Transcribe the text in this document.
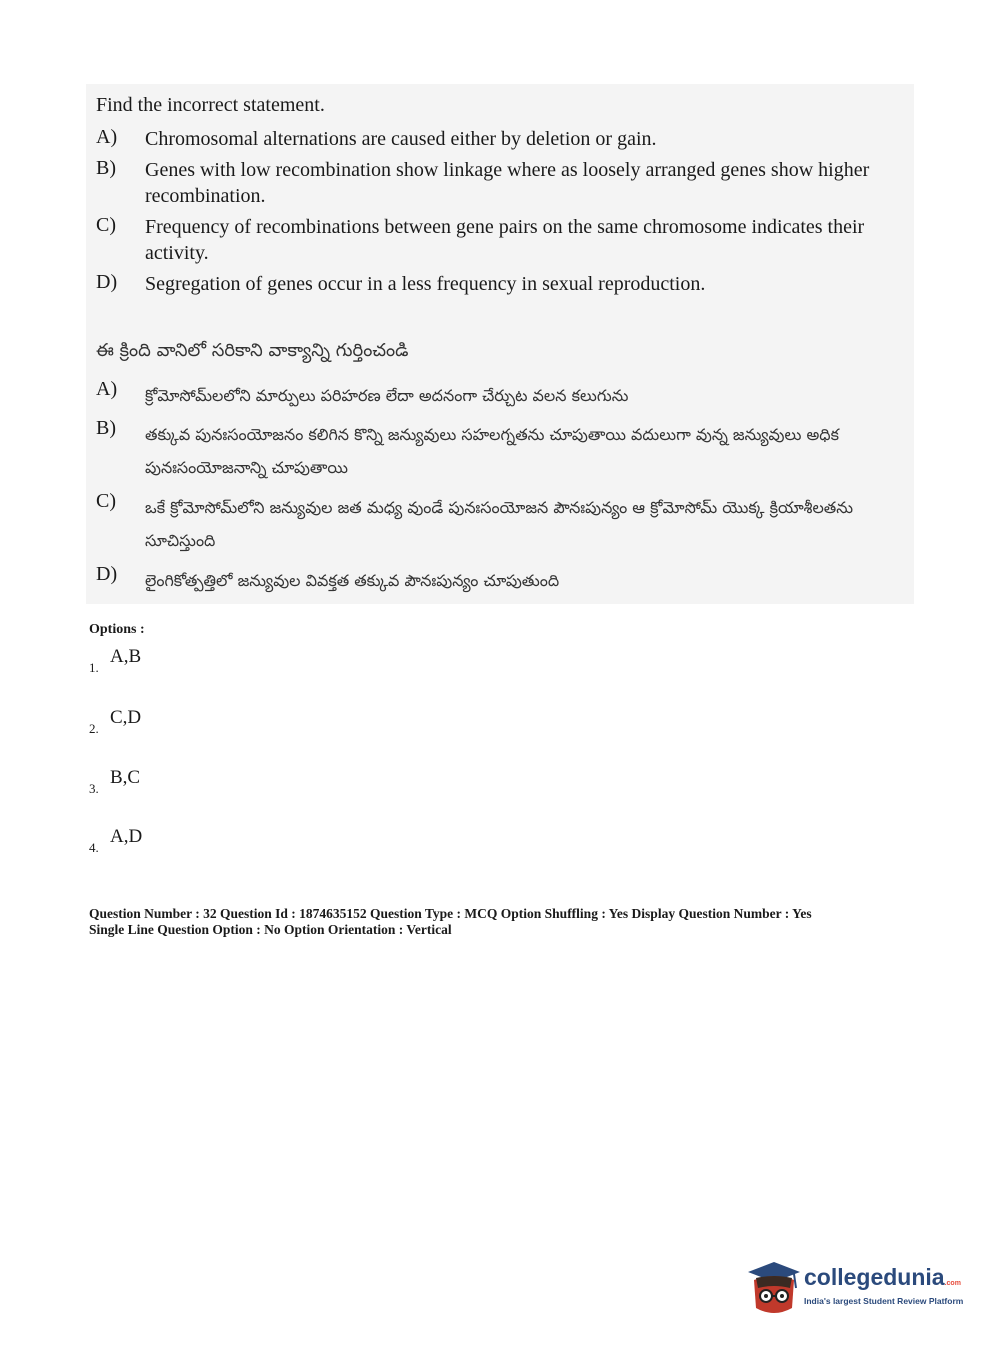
Find the incorrect statement.
A)	Chromosomal alternations are caused either by deletion or gain.
B)	Genes with low recombination show linkage where as loosely arranged genes show higher recombination.
C)	Frequency of recombinations between gene pairs on the same chromosome indicates their activity.
D)	Segregation of genes occur in a less frequency in sexual reproduction.
ఈ క్రింది వానిలో సరికాని వాక్యాన్ని గుర్తించండి
A) క్రోమోసోమ్‌లలోని మార్పులు పరిహరణ లేదా అదనంగా చేర్చుట వలన కలుగును
B) తక్కువ పునఃసంయోజనం కలిగిన కొన్ని జన్యువులు సహలగ్నతను చూపుతాయి వదులుగా వున్న జన్యువులు అధిక పునఃసంయోజనాన్ని చూపుతాయి
C) ఒకే క్రోమోసోమ్‌లోని జన్యువుల జత మధ్య వుండే పునఃసంయోజన పౌనఃపున్యం ఆ క్రోమోసోమ్ యొక్క క్రియాశీలతను సూచిస్తుంది
D) లైంగికోత్పత్తిలో జన్యువుల వివక్తత తక్కువ పౌనఃపున్యం చూపుతుంది
Options :
1.
A,B
2.
C,D
3.
B,C
4.
A,D
Question Number : 32 Question Id : 1874635152 Question Type : MCQ Option Shuffling : Yes Display Question Number : Yes
Single Line Question Option : No Option Orientation : Vertical
collegedunia.com
India's largest Student Review Platform
